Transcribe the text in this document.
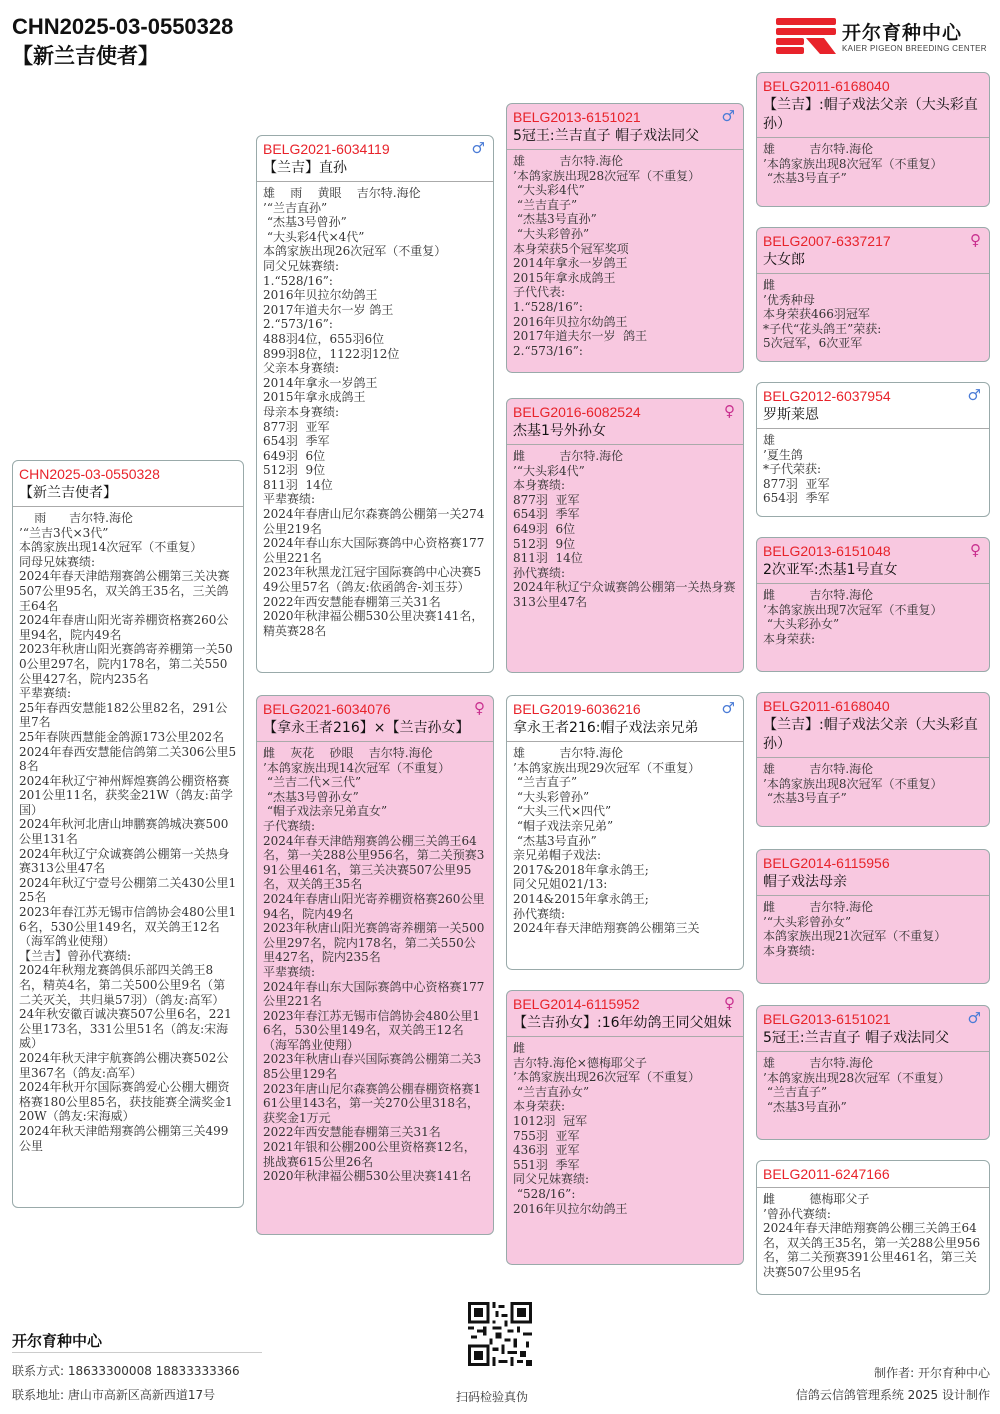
CHN2025-03-0550328
【新兰吉使者】
开尔育种中心
KAIER PIGEON BREEDING CENTER
CHN2025-03-0550328
【新兰吉使者】
雨      吉尔特.海伦
’“兰吉3代×3代”
本鸽家族出现14次冠军（不重复）
同母兄妹赛绩:
2024年春天津皓翔赛鸽公棚第三关决赛507公里95名，双关鸽王35名，三关鸽王64名
2024年春唐山阳光寄养棚资格赛260公里94名，院内49名
2023年秋唐山阳光赛鸽寄养棚第一关500公里297名，院内178名，第二关550公里427名，院内235名
平辈赛绩:
25年春西安慧能182公里82名，291公里7名
25年春陕西慧能金鸽源173公里202名
2024年春西安慧能信鸽第二关306公里58名
2024年秋辽宁神州辉煌赛鸽公棚资格赛201公里11名，获奖金21W（鸽友:苗学国）
2024年秋河北唐山坤鹏赛鸽城决赛500公里131名
2024年秋辽宁众诚赛鸽公棚第一关热身赛313公里47名
2024年秋辽宁壹号公棚第二关430公里125名
2023年春江苏无锡市信鸽协会480公里16名，530公里149名，双关鸽王12名（海军鸽业使翔）
【兰吉】曾孙代赛绩:
2024年秋翔龙赛鸽俱乐部四关鸽王8名，精英4名，第二关500公里9名（第二关灭关，共归巢57羽）（鸽友:高军）
24年秋安徽百诚决赛507公里6名，221公里173名，331公里51名（鸽友:宋海威）
2024年秋天津宇航赛鸽公棚决赛502公里367名（鸽友:高军）
2024年秋开尔国际赛鸽爱心公棚大棚资格赛180公里85名，获技能赛全满奖金120W（鸽友:宋海威）
2024年秋天津皓翔赛鸽公棚第三关499公里
BELG2021-6034119	♂
【兰吉】直孙
雄    雨    黄眼    吉尔特.海伦
’“兰吉直孙”
“杰基3号曾孙”
“大头彩4代×4代”
本鸽家族出现26次冠军（不重复）
同父兄妹赛绩:
1.“528/16”:
2016年贝拉尔幼鸽王
2017年道夫尔一岁 鸽王
2.“573/16”:
488羽4位，655羽6位
899羽8位，1122羽12位
父亲本身赛绩:
2014年拿永一岁鸽王
2015年拿永成鸽王
母亲本身赛绩:
877羽  亚军
654羽  季军
649羽  6位
512羽  9位
811羽  14位
平辈赛绩:
2024年春唐山尼尔森赛鸽公棚第一关274公里219名
2024年春山东大国际赛鸽中心资格赛177公里221名
2023年秋黑龙江冠宇国际赛鸽中心决赛549公里57名（鸽友:依函鸽舍-刘玉芬）
2022年西安慧能春棚第三关31名
2020年秋津福公棚530公里决赛141名，精英赛28名
BELG2021-6034076	♀
【拿永王者216】×【兰吉孙女】
雌    灰花    砂眼    吉尔特.海伦
’本鸽家族出现14次冠军（不重复）
“兰吉二代×三代”
“杰基3号曾孙女”
“帽子戏法亲兄弟直女”
子代赛绩:
2024年春天津皓翔赛鸽公棚三关鸽王64名，第一关288公里956名，第二关预赛391公里461名，第三关决赛507公里95名，双关鸽王35名
2024年春唐山阳光寄养棚资格赛260公里94名，院内49名
2023年秋唐山阳光赛鸽寄养棚第一关500公里297名，院内178名，第二关550公里427名，院内235名
平辈赛绩:
2024年春山东大国际赛鸽中心资格赛177公里221名
2023年春江苏无锡市信鸽协会480公里16名，530公里149名，双关鸽王12名（海军鸽业使翔）
2023年秋唐山春兴国际赛鸽公棚第二关385公里129名
2023年唐山尼尔森赛鸽公棚春棚资格赛161公里143名，第一关270公里318名，获奖金1万元
2022年西安慧能春棚第三关31名
2021年银和公棚200公里资格赛12名，挑战赛615公里26名
2020年秋津福公棚530公里决赛141名
BELG2013-6151021	♂
5冠王:兰吉直子 帽子戏法同父
雄         吉尔特.海伦
’本鸽家族出现28次冠军（不重复）
“大头彩4代”
“兰吉直子”
“杰基3号直孙”
“大头彩曾孙”
本身荣获5个冠军奖项
2014年拿永一岁鸽王
2015年拿永成鸽王
子代代表:
1.“528/16”:
2016年贝拉尔幼鸽王
2017年道夫尔一岁  鸽王
2.“573/16”:
BELG2016-6082524	♀
杰基1号外孙女
雌         吉尔特.海伦
’“大头彩4代”
本身赛绩:
877羽  亚军
654羽  季军
649羽  6位
512羽  9位
811羽  14位
孙代赛绩:
2024年秋辽宁众诚赛鸽公棚第一关热身赛313公里47名
BELG2019-6036216	♂
拿永王者216:帽子戏法亲兄弟
雄         吉尔特.海伦
’本鸽家族出现29次冠军（不重复）
“兰吉直子”
“大头彩曾孙”
“大头三代×四代”
“帽子戏法亲兄弟”
“杰基3号直孙”
亲兄弟帽子戏法:
2017&2018年拿永鸽王;
同父兄姐021/13:
2014&2015年拿永鸽王;
孙代赛绩:
2024年春天津皓翔赛鸽公棚第三关
BELG2014-6115952	♀
【兰吉孙女】:16年幼鸽王同父姐妹
雌
吉尔特.海伦×德梅耶父子
’本鸽家族出现26次冠军（不重复）
“兰吉直孙女”
本身荣获:
1012羽  冠军
755羽  亚军
436羽  亚军
551羽  季军
同父兄妹赛绩:
“528/16”:
2016年贝拉尔幼鸽王
BELG2011-6168040
【兰吉】:帽子戏法父亲（大头彩直孙）
雄         吉尔特.海伦
’本鸽家族出现8次冠军（不重复）
“杰基3号直子”
BELG2007-6337217	♀
大女郎
雌
’优秀种母
本身荣获466羽冠军
*子代“花头鸽王”荣获:
5次冠军，6次亚军
BELG2012-6037954	♂
罗斯莱恩
雄
’夏生鸽
*子代荣获:
877羽  亚军
654羽  季军
BELG2013-6151048	♀
2次亚军:杰基1号直女
雌         吉尔特.海伦
’本鸽家族出现7次冠军（不重复）
“大头彩孙女”
本身荣获:
BELG2011-6168040
【兰吉】:帽子戏法父亲（大头彩直孙）
雄         吉尔特.海伦
’本鸽家族出现8次冠军（不重复）
“杰基3号直子”
BELG2014-6115956
帽子戏法母亲
雌         吉尔特.海伦
’“大头彩曾孙女”
本鸽家族出现21次冠军（不重复）
本身赛绩:
BELG2013-6151021	♂
5冠王:兰吉直子 帽子戏法同父
雄         吉尔特.海伦
’本鸽家族出现28次冠军（不重复）
“兰吉直子”
“杰基3号直孙”
BELG2011-6247166
雌         德梅耶父子
’曾孙代赛绩:
2024年春天津皓翔赛鸽公棚三关鸽王64名，双关鸽王35名，第一关288公里956名，第二关预赛391公里461名，第三关决赛507公里95名
开尔育种中心
联系方式: 18633300008 18833333366
联系地址: 唐山市高新区高新西道17号	扫码检验真伪
制作者: 开尔育种中心
信鸽云信鸽管理系统 2025 设计制作
